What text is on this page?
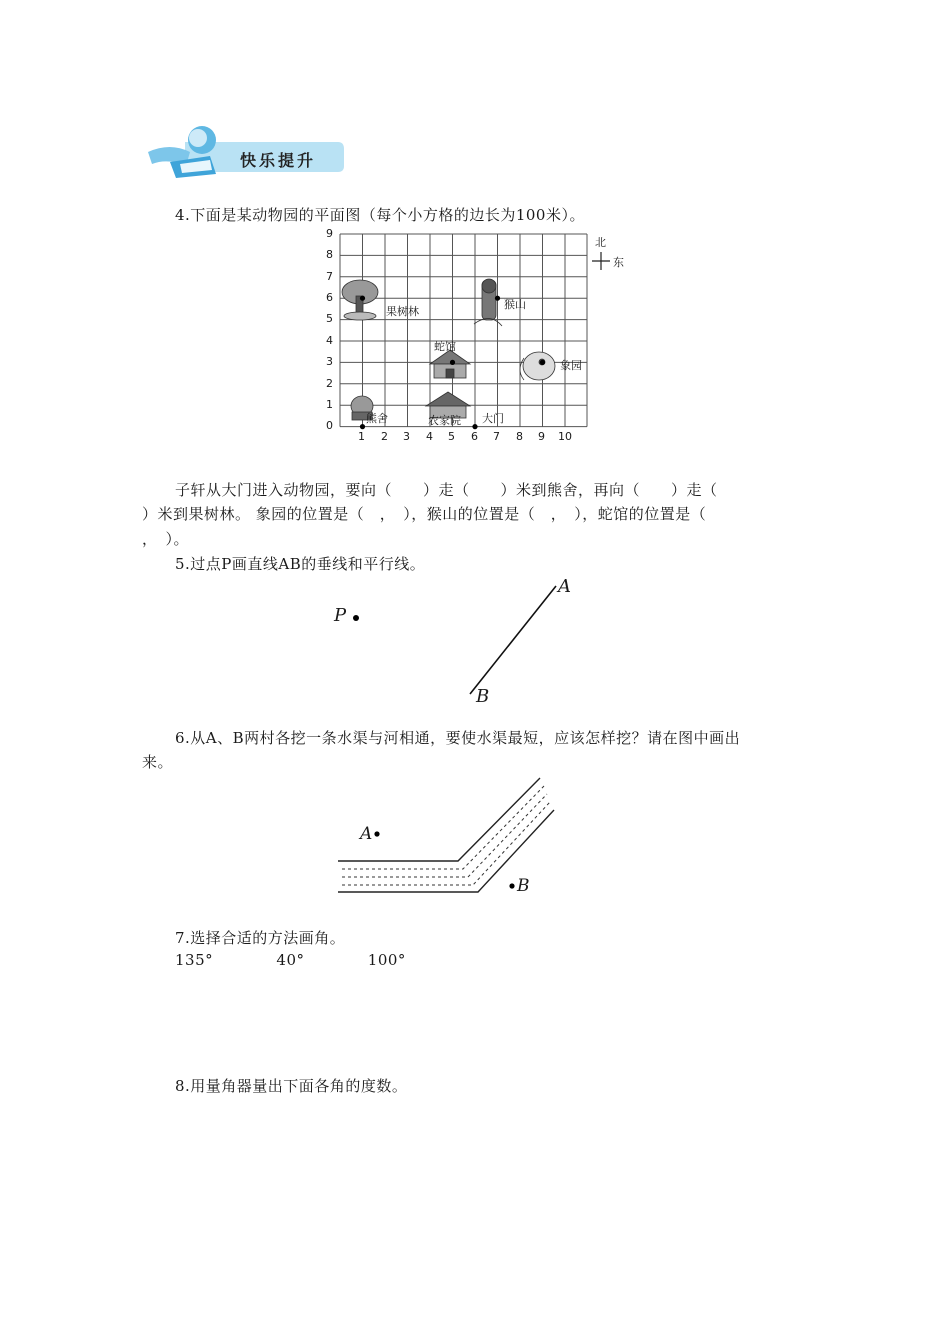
快乐提升
4.下面是某动物园的平面图（每个小方格的边长为100米）。
9
8
7
6
5
4
3
2
1
0
1 2 3 4 5 6 7 8 9 10
北
东
果树林
猴山
蛇馆
象园
熊舍	农家院 大门
子轩从大门进入动物园，要向（　　）走（　　）米到熊舍，再向（　　）走（
）米到果树林。 象园的位置是（　，　），猴山的位置是（　，　），蛇馆的位置是（
，　）。
5.过点P画直线AB的垂线和平行线。
P
A
B
6.从A、B两村各挖一条水渠与河相通，要使水渠最短，应该怎样挖？请在图中画出
来。
A
B
7.选择合适的方法画角。
135°	40°	100°
8.用量角器量出下面各角的度数。
